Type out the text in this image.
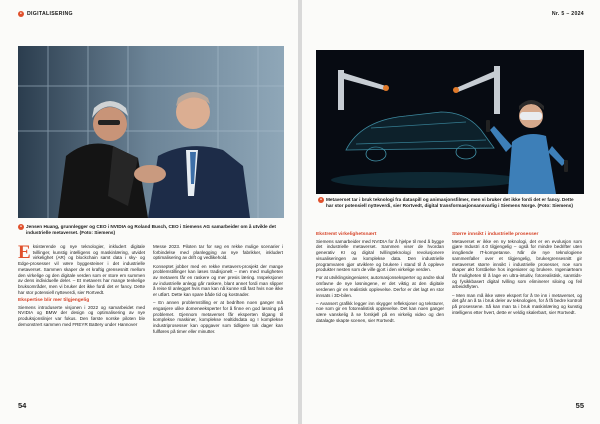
• DIGITALISERING
• Jensen Huang, grunnlegger og CEO i NVIDIA og Roland Busch, CEO i Siemens AG samarbeider om å utvikle det industrielle metaverset. (Foto: Siemens)

Eksisterende og nye teknologier, inkludert digitale tvillinger, kunstig intelligens og maskinlæring, utvidet virkelighet (AR) og blockchain samt data i sky- og Edge-prosesser vil være byggesteiner i det industrielle metaverset. Sammen skaper de et kraftig grensesnitt mellom den virkelige og den digitale verden som er store em summen av dens individuelle deler. – Et metavers har mange tenkelige bruksområder, men vi bruker det ikke fordi det er fancy. Dette har stor potensiell nytteverdi, sier Rortvedt.

Ekspertise blir mer tilgjengelig

Siemens introduserte visjonen i 2022 og samarbeidet med NVIDIA og BMW der design og optimalisering av nye produksjonslinjer var fokus. Den første norske piloten ble demonstrert sammen med FREYR Battery under Hannover

Messe 2023. Piloten tar for seg en rekke mulige scenarier i forbindelse med planlegging av nye fabrikker, inkludert optimalisering av drift og vedlikehold.

Konseptet jobber med en rekke metavers-prosjekt der mange problemstillinger kan løses tradisjonelt – men med muligheten av metavers får en raskere og mer presis læring. Inspeksjoner av industrielle anlegg går raskere, blant annet fordi man slipper å reise til anlegget hvis man kan nå kunne stå fast hvis noe ikke er utført. Dette kan spare både tid og kostnader.

– En annen problemstilling er at bedriften noen ganger må engasjere ulike domeneeksperter for å finne en god løsning på problemet. Gjennom metaverset får eksperten tilgang til komplekse maskiner, komplekse realtidsdata og I komplekse industriprosesser kan oppgaver som tidligere tok dager kan fullføres på timer eller minutter.

54
Nr. 5 – 2024
• Metaverset tar i bruk teknologi fra dataspill og animasjonsfilmer, men vi bruker det ikke fordi det er fancy. Dette har stor potensiell nytteverdi, sier Rortvedt, digital transformasjonsansvarlig i Siemens Norge. (Foto: Siemens)

Ekstremt virkelighetsnært

Siemens samarbeider med NVIDIA for å hjelpe til med å bygge det industrielle metaverset. Sammen viser de hvordan generativ KI og digital tvillingteknologi revolusjonere visualiseringen av komplekse data. Den industrielle programvaren gjør utviklere og brukere i stand til å oppleve produkter nesten som de ville gjort i den virkelige verden.

For at utviklingsingeniører, automasjonseksperter og andre skal omfavne de nye løsningene, er det viktig at den digitale verdenen gir en realistisk opplevelse. Derfor er det lagt en stor innsats i 3D-bilen.

– Avansert grafikk legger inn skygger refleksjoner og teksturer, noe som gir en fotorealistisk opplevelse. Det kan noen ganger være vanskelig å se forskjell på en virkelig video og den datalagte skapte scenen, sier Rortvedt.

Større innsikt i industrielle prosesser

Metaverset er ikke en ny teknologi, det er en evolusjon som gjøre Industri 4.0 tilgjengelig – også for mindre bedrifter uten inngående IT-kompetanse. Når de nye teknologiene sammenfaller over et tilgjengelig, brukergrensesnitt gir metaverset større innsikt i industrielle prosesser, noe som skaper økt forståelse hos ingeniører og brukere. Ingeniørteam får muligheten til å lage en ultra-intuitiv, fotorealistisk, sanntids- og fysikkbasert digital tvilling som eliminerer siloing og feil arbeidsflyten.

– Men man må ikke være ekspert for å tre inn i metaverset, og det går an å ta i bruk deler av teknologien, for å få bedre kontroll på prosessene. Så kan man ta i bruk maskinlæring og kunstig intelligens etter hvert, dette er veldig skalerbart, sier Rortvedt.

55
